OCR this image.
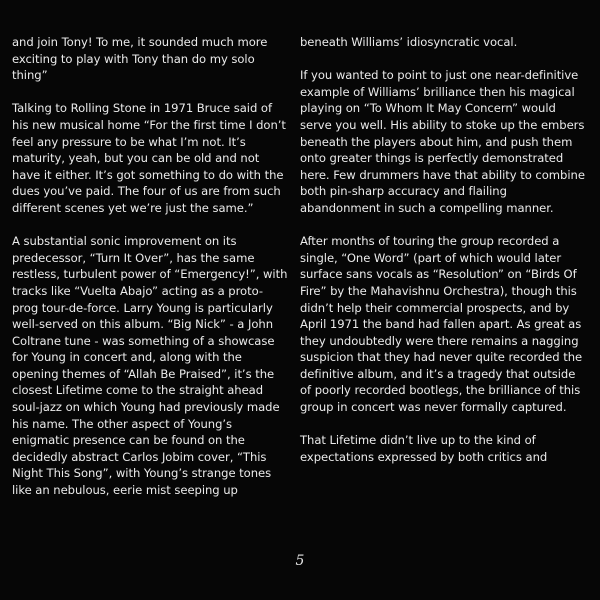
and join Tony! To me, it sounded much more exciting to play with Tony than do my solo thing”

Talking to Rolling Stone in 1971 Bruce said of his new musical home “For the first time I don’t feel any pressure to be what I’m not. It’s maturity, yeah, but you can be old and not have it either. It’s got something to do with the dues you’ve paid. The four of us are from such different scenes yet we’re just the same.”

A substantial sonic improvement on its predecessor, “Turn It Over”, has the same restless, turbulent power of “Emergency!”, with tracks like “Vuelta Abajo” acting as a proto-prog tour-de-force. Larry Young is particularly well-served on this album. “Big Nick” - a John Coltrane tune - was something of a showcase for Young in concert and, along with the opening themes of “Allah Be Praised”, it’s the closest Lifetime come to the straight ahead soul-jazz on which Young had previously made his name. The other aspect of Young’s enigmatic presence can be found on the decidedly abstract Carlos Jobim cover, “This Night This Song”, with Young’s strange tones like an nebulous, eerie mist seeping up

beneath Williams’ idiosyncratic vocal.

If you wanted to point to just one near-definitive example of Williams’ brilliance then his magical playing on “To Whom It May Concern” would serve you well. His ability to stoke up the embers beneath the players about him, and push them onto greater things is perfectly demonstrated here. Few drummers have that ability to combine both pin-sharp accuracy and flailing abandonment in such a compelling manner.

After months of touring the group recorded a single, “One Word” (part of which would later surface sans vocals as “Resolution” on “Birds Of Fire” by the Mahavishnu Orchestra), though this didn’t help their commercial prospects, and by April 1971 the band had fallen apart. As great as they undoubtedly were there remains a nagging suspicion that they had never quite recorded the definitive album, and it’s a tragedy that outside of poorly recorded bootlegs, the brilliance of this group in concert was never formally captured.

That Lifetime didn’t live up to the kind of expectations expressed by both critics and

5
